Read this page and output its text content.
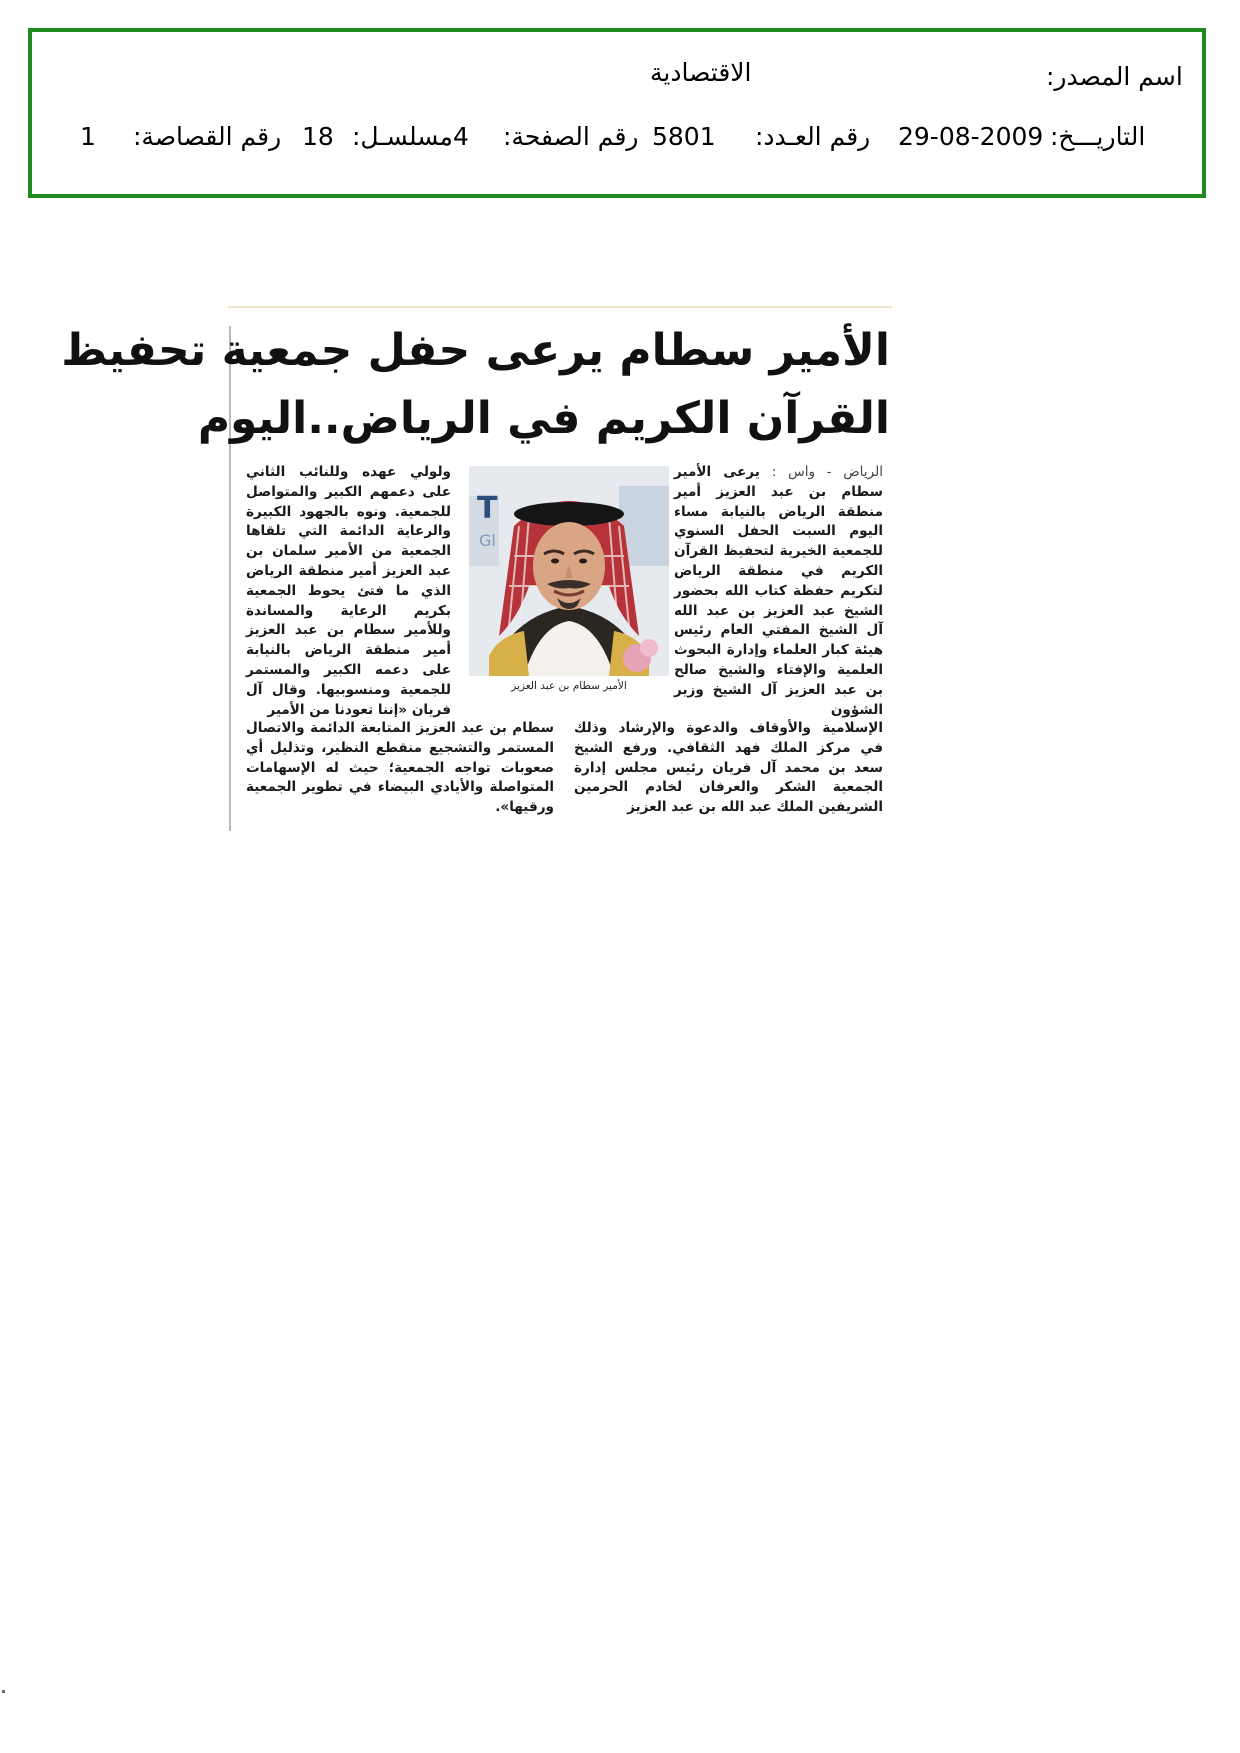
اسم المصدر:
الاقتصادية
التاريـــخ:
29-08-2009
رقم العـدد:
5801
رقم الصفحة:
4
مسلسـل:
18
رقم القصاصة:
1
الأمير سطام يرعى حفل جمعية تحفيظ
القرآن الكريم في الرياض..اليوم

الرياض - واس : يرعى الأمير سطام بن عبد العزيز أمير منطقة الرياض بالنيابة مساء اليوم السبت الحفل السنوي للجمعية الخيرية لتحفيظ القرآن الكريم في منطقة الرياض لتكريم حفظة كتاب الله بحضور الشيخ عبد العزيز بن عبد الله آل الشيخ المفتي العام رئيس هيئة كبار العلماء وإدارة البحوث العلمية والإفتاء والشيخ صالح بن عبد العزيز آل الشيخ وزير الشؤون

T
Gl
الأمير سطام بن عبد العزيز

ولولي عهده وللنائب الثاني على دعمهم الكبير والمتواصل للجمعية. ونوه بالجهود الكبيرة والرعاية الدائمة التي تلقاها الجمعية من الأمير سلمان بن عبد العزيز أمير منطقة الرياض الذي ما فتئ يحوط الجمعية بكريم الرعاية والمساندة وللأمير سطام بن عبد العزيز أمير منطقة الرياض بالنيابة على دعمه الكبير والمستمر للجمعية ومنسوبيها. وقال آل فريان «إننا تعودنا من الأمير

الإسلامية والأوقاف والدعوة والإرشاد وذلك في مركز الملك فهد الثقافي. ورفع الشيخ سعد بن محمد آل فريان رئيس مجلس إدارة الجمعية الشكر والعرفان لخادم الحرمين الشريفين الملك عبد الله بن عبد العزيز

سطام بن عبد العزيز المتابعة الدائمة والاتصال المستمر والتشجيع منقطع النظير، وتذليل أي صعوبات تواجه الجمعية؛ حيث له الإسهامات المتواصلة والأيادي البيضاء في تطوير الجمعية ورقيها».
